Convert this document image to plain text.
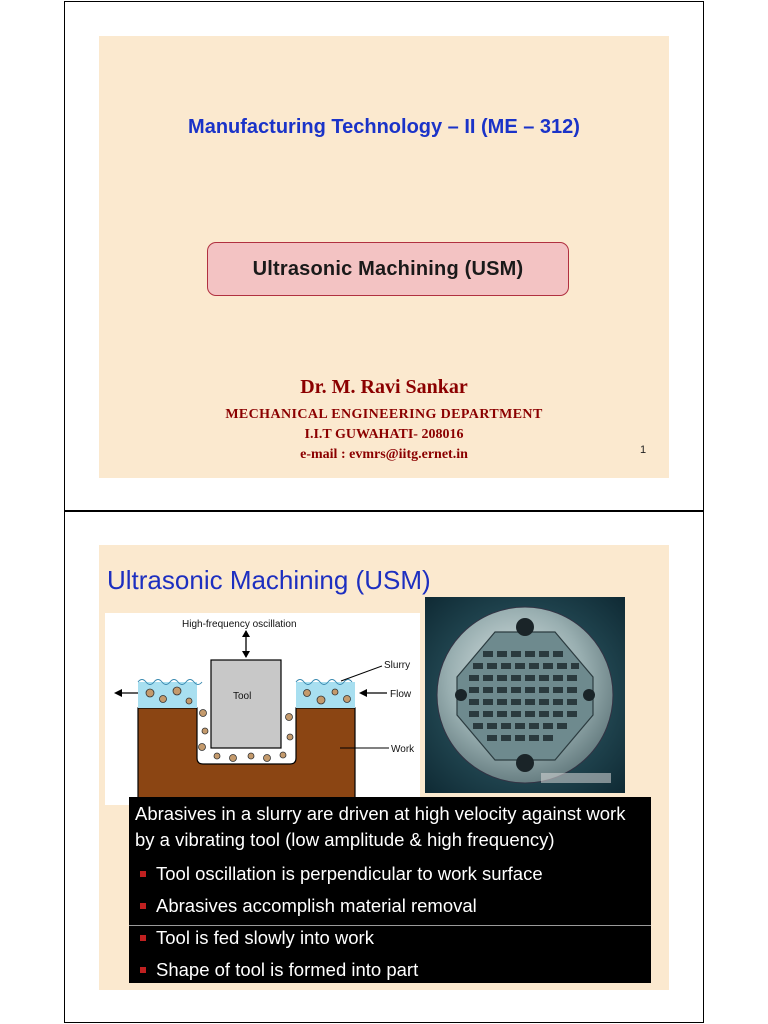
Manufacturing Technology – II (ME – 312)
Ultrasonic Machining (USM)
Dr. M. Ravi Sankar
MECHANICAL ENGINEERING DEPARTMENT
I.I.T GUWAHATI- 208016
e-mail : evmrs@iitg.ernet.in	1
Ultrasonic Machining (USM)
High-frequency oscillation
Tool	Flow
Slurry
Work
Abrasives in a slurry are driven at high velocity against work by a vibrating tool (low amplitude & high frequency)
Tool oscillation is perpendicular to work surface
Abrasives accomplish material removal
Tool is fed slowly into work
Shape of tool is formed into part
